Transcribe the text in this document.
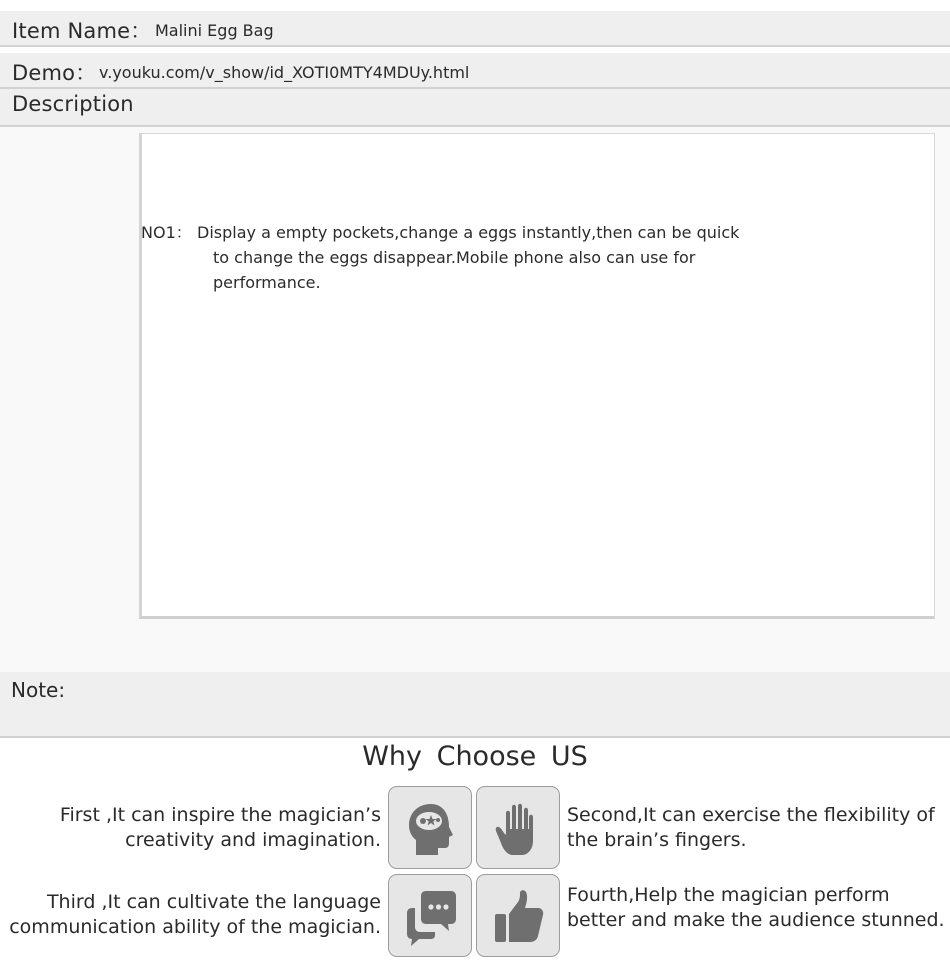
Item Name： Malini Egg Bag
Demo： v.youku.com/v_show/id_XOTI0MTY4MDUy.html
Description
NO1： Display a empty pockets,change a eggs instantly,then can be quick to change the eggs disappear.Mobile phone also can use for performance.
Note:
Why Choose US
First ,It can inspire the magician’s creativity and imagination.
Second,It can exercise the flexibility of the brain’s fingers.
Third ,It can cultivate the language communication ability of the magician.
Fourth,Help the magician perform better and make the audience stunned.
